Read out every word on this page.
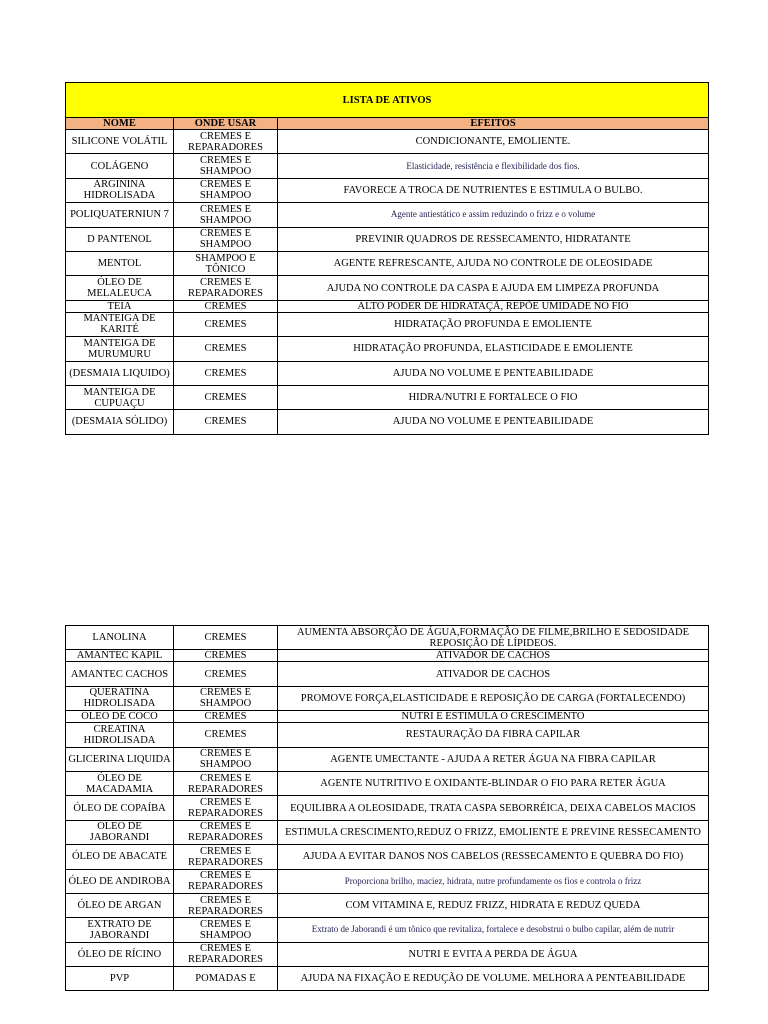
LISTA DE ATIVOS		
NOME	ONDE USAR	EFEITOS
SILICONE VOLÁTIL	CREMES E REPARADORES	CONDICIONANTE, EMOLIENTE.
COLÁGENO	CREMES E SHAMPOO	Elasticidade, resistência e flexibilidade dos fios.
ARGININA HIDROLISADA	CREMES E SHAMPOO	FAVORECE A TROCA DE NUTRIENTES E ESTIMULA O BULBO.
POLIQUATERNIUN 7	CREMES E SHAMPOO	Agente antiestático e assim reduzindo o frizz e o volume
D PANTENOL	CREMES E SHAMPOO	PREVINIR QUADROS DE RESSECAMENTO, HIDRATANTE
MENTOL	SHAMPOO E TÔNICO	AGENTE REFRESCANTE, AJUDA NO CONTROLE DE OLEOSIDADE
ÓLEO DE MELALEUCA	CREMES E REPARADORES	AJUDA NO CONTROLE DA CASPA E AJUDA EM LIMPEZA PROFUNDA
TEIA	CREMES	ALTO PODER DE HIDRATAÇÃ, REPÕE UMIDADE NO FIO
MANTEIGA DE KARITÉ	CREMES	HIDRATAÇÃO PROFUNDA E EMOLIENTE
MANTEIGA DE MURUMURU	CREMES	HIDRATAÇÃO PROFUNDA, ELASTICIDADE E EMOLIENTE
(DESMAIA LIQUIDO)	CREMES	AJUDA NO VOLUME E PENTEABILIDADE
MANTEIGA DE CUPUAÇU	CREMES	HIDRA/NUTRI E FORTALECE O FIO
(DESMAIA SÓLIDO)	CREMES	AJUDA NO VOLUME E PENTEABILIDADE
LANOLINA	CREMES	AUMENTA ABSORÇÃO DE ÁGUA,FORMAÇÃO DE FILME,BRILHO E SEDOSIDADE REPOSIÇÃO DE LÍPIDEOS.
AMANTEC KAPIL	CREMES	ATIVADOR DE CACHOS
AMANTEC CACHOS	CREMES	ATIVADOR DE CACHOS
QUERATINA HIDROLISADA	CREMES E SHAMPOO	PROMOVE FORÇA,ELASTICIDADE E REPOSIÇÃO DE CARGA (FORTALECENDO)
ÓLEO DE COCO	CREMES	NUTRI E ESTIMULA O CRESCIMENTO
CREATINA HIDROLISADA	CREMES	RESTAURAÇÃO DA FIBRA CAPILAR
GLICERINA LIQUIDA	CREMES E SHAMPOO	AGENTE UMECTANTE - AJUDA A RETER ÁGUA NA FIBRA CAPILAR
ÓLEO DE MACADAMIA	CREMES E REPARADORES	AGENTE NUTRITIVO E OXIDANTE-BLINDAR O FIO PARA RETER ÁGUA
ÓLEO DE COPAÍBA	CREMES E REPARADORES	EQUILIBRA A OLEOSIDADE, TRATA CASPA SEBORRÉICA, DEIXA CABELOS MACIOS
ÓLEO DE JABORANDI	CREMES E REPARADORES	ESTIMULA CRESCIMENTO,REDUZ O FRIZZ, EMOLIENTE E PREVINE RESSECAMENTO
ÓLEO DE ABACATE	CREMES E REPARADORES	AJUDA A EVITAR DANOS NOS CABELOS (RESSECAMENTO E QUEBRA DO FIO)
ÓLEO DE ANDIROBA	CREMES E REPARADORES	Proporciona brilho, maciez, hidrata, nutre profundamente os fios e controla o frizz
ÓLEO DE ARGAN	CREMES E REPARADORES	COM VITAMINA E, REDUZ FRIZZ, HIDRATA E REDUZ QUEDA
EXTRATO DE JABORANDI	CREMES E SHAMPOO	Extrato de Jaborandi é um tônico que revitaliza, fortalece e desobstrui o bulbo capilar, além de nutrir
ÓLEO DE RÍCINO	CREMES E REPARADORES	NUTRI E EVITA A PERDA DE ÁGUA
PVP	POMADAS E	AJUDA NA FIXAÇÃO E REDUÇÃO DE VOLUME. MELHORA A PENTEABILIDADE
